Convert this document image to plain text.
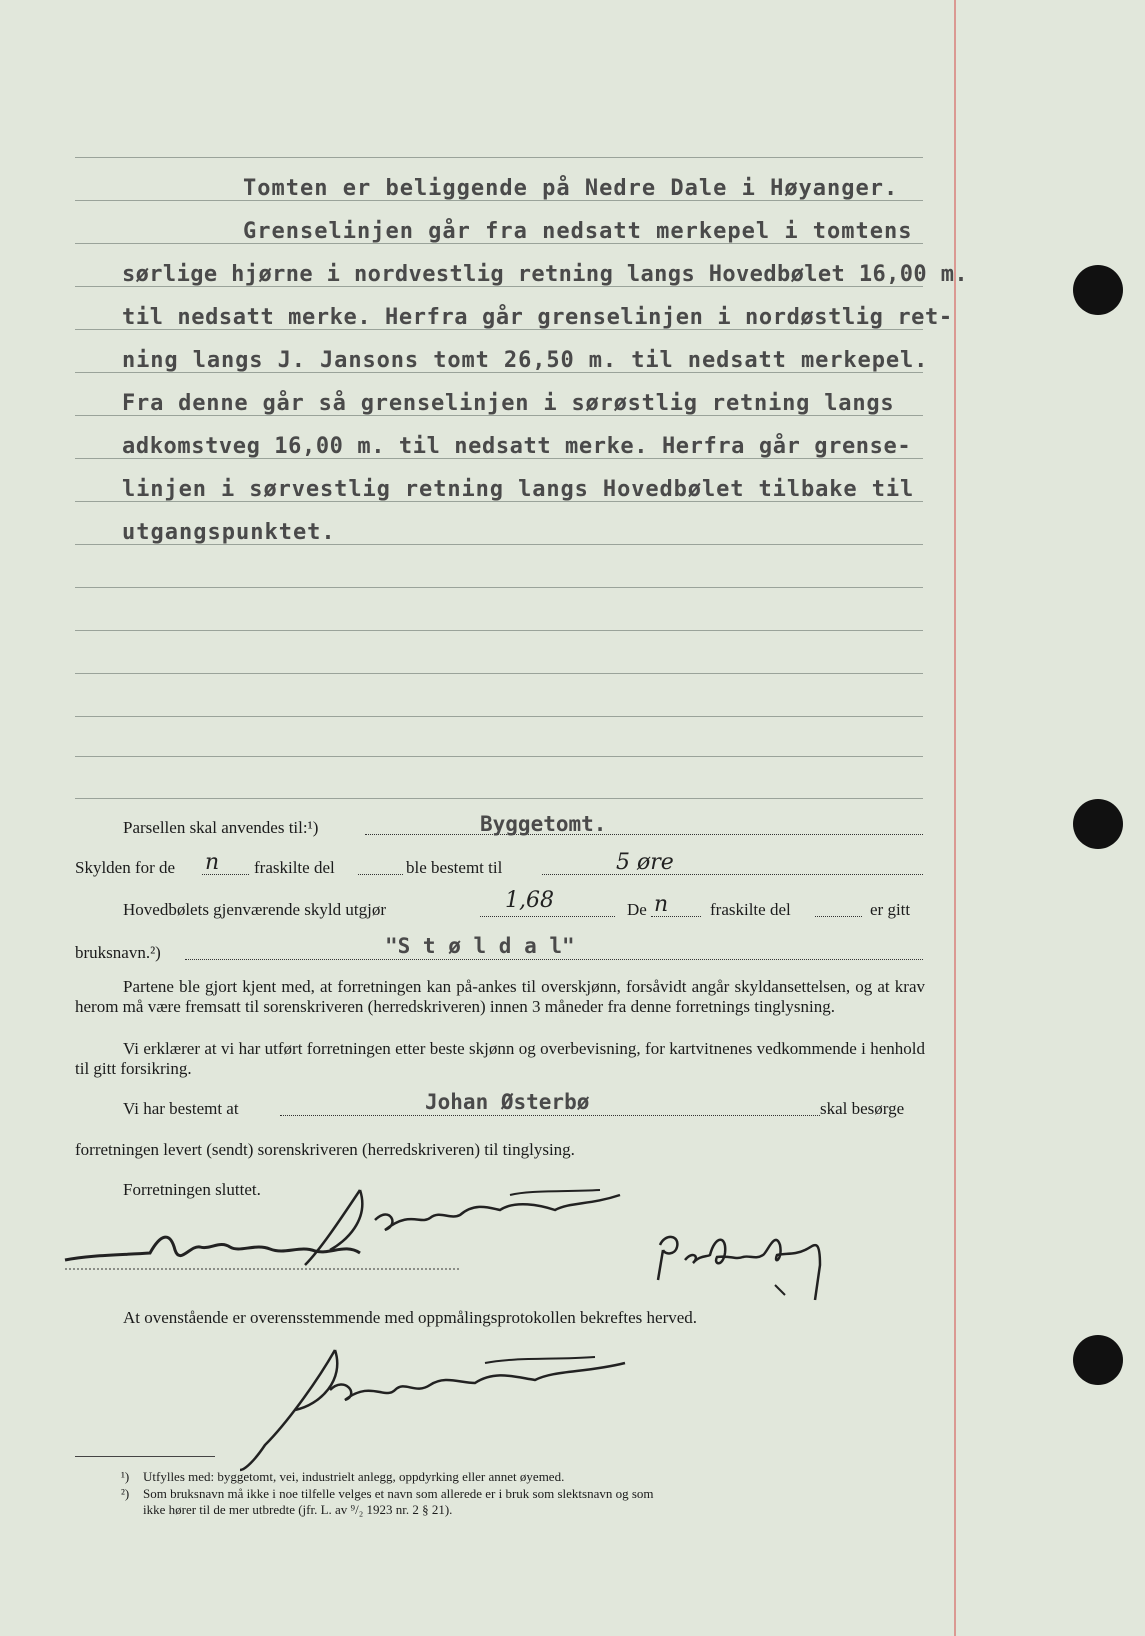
Tomten er beliggende på Nedre Dale i Høyanger.
Grenselinjen går fra nedsatt merkepel i tomtens
sørlige hjørne i nordvestlig retning langs Hovedbølet 16,00 m.
til nedsatt merke. Herfra går grenselinjen i nordøstlig ret-
ning langs J. Jansons tomt 26,50 m. til nedsatt merkepel.
Fra denne går så grenselinjen i sørøstlig retning langs
adkomstveg 16,00 m. til nedsatt merke. Herfra går grense-
linjen i sørvestlig retning langs Hovedbølet tilbake til
utgangspunktet.
Parsellen skal anvendes til:¹)	Byggetomt.
Skylden for de n fraskilte del	ble bestemt til	5 øre
Hovedbølets gjenværende skyld utgjør	1,68	De n fraskilte del	er gitt
bruksnavn.²)	"S t ø l d a l"
Partene ble gjort kjent med, at forretningen kan på-ankes til overskjønn, forsåvidt angår skyldansettelsen, og at krav herom må være fremsatt til sorenskriveren (herredskriveren) innen 3 måneder fra denne forretnings tinglysning.
Vi erklærer at vi har utført forretningen etter beste skjønn og overbevisning, for kartvitnenes vedkommende i henhold til gitt forsikring.
Vi har bestemt at	Johan Østerbø	skal besørge
forretningen levert (sendt) sorenskriveren (herredskriveren) til tinglysing.
Forretningen sluttet.
At ovenstående er overensstemmende med oppmålingsprotokollen bekreftes herved.
¹) Utfylles med: byggetomt, vei, industrielt anlegg, oppdyrking eller annet øyemed.
²) Som bruksnavn må ikke i noe tilfelle velges et navn som allerede er i bruk som slektsnavn og som
ikke hører til de mer utbredte (jfr. L. av ⁹/₂ 1923 nr. 2 § 21).
